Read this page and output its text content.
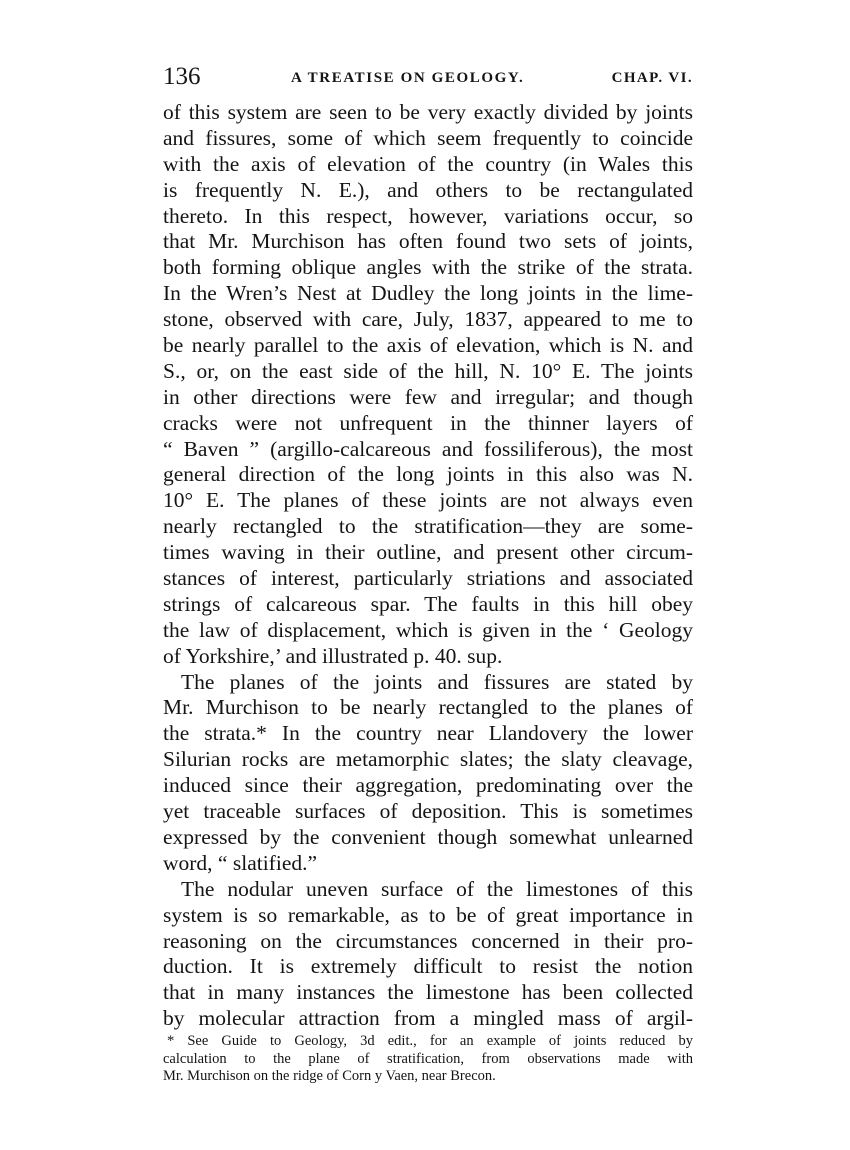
136	A TREATISE ON GEOLOGY.	CHAP. VI.
of this system are seen to be very exactly divided by joints
and fissures, some of which seem frequently to coincide
with the axis of elevation of the country (in Wales this
is frequently N. E.), and others to be rectangulated
thereto. In this respect, however, variations occur, so
that Mr. Murchison has often found two sets of joints,
both forming oblique angles with the strike of the strata.
In the Wren’s Nest at Dudley the long joints in the lime-
stone, observed with care, July, 1837, appeared to me to
be nearly parallel to the axis of elevation, which is N. and
S., or, on the east side of the hill, N. 10° E. The joints
in other directions were few and irregular; and though
cracks were not unfrequent in the thinner layers of
“ Baven ” (argillo-calcareous and fossiliferous), the most
general direction of the long joints in this also was N.
10° E. The planes of these joints are not always even
nearly rectangled to the stratification—they are some-
times waving in their outline, and present other circum-
stances of interest, particularly striations and associated
strings of calcareous spar. The faults in this hill obey
the law of displacement, which is given in the ‘ Geology
of Yorkshire,’ and illustrated p. 40. sup.
The planes of the joints and fissures are stated by
Mr. Murchison to be nearly rectangled to the planes of
the strata.* In the country near Llandovery the lower
Silurian rocks are metamorphic slates; the slaty cleavage,
induced since their aggregation, predominating over the
yet traceable surfaces of deposition. This is sometimes
expressed by the convenient though somewhat unlearned
word, “ slatified.”
The nodular uneven surface of the limestones of this
system is so remarkable, as to be of great importance in
reasoning on the circumstances concerned in their pro-
duction. It is extremely difficult to resist the notion
that in many instances the limestone has been collected
by molecular attraction from a mingled mass of argil-
* See Guide to Geology, 3d edit., for an example of joints reduced by
calculation to the plane of stratification, from observations made with
Mr. Murchison on the ridge of Corn y Vaen, near Brecon.
